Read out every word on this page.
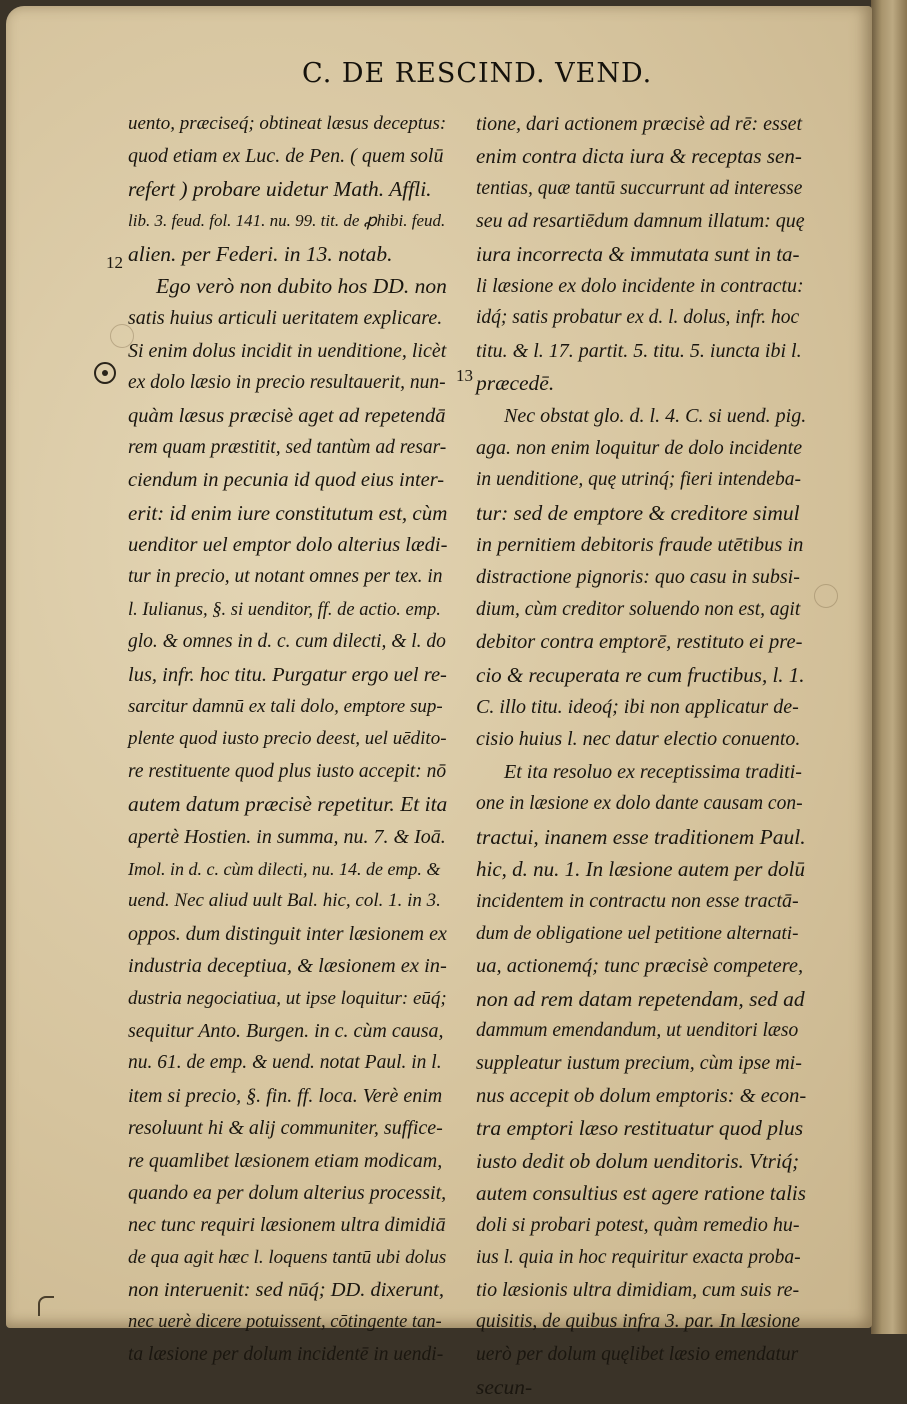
C. DE RESCIND. VEND.
12
13
uento, præciseq́; obtineat læsus deceptus:
quod etiam ex Luc. de Pen. ( quem solū
refert ) probare uidetur Math. Affli.
lib. 3. feud. fol. 141. nu. 99. tit. de ꝓhibi. feud.
alien. per Federi. in 13. notab.
Ego verò non dubito hos DD. non
satis huius articuli ueritatem explicare.
Si enim dolus incidit in uenditione, licèt
ex dolo læsio in precio resultauerit, nun-
quàm læsus præcisè aget ad repetendā
rem quam præstitit, sed tantùm ad resar-
ciendum in pecunia id quod eius inter-
erit: id enim iure constitutum est, cùm
uenditor uel emptor dolo alterius lædi-
tur in precio, ut notant omnes per tex. in
l. Iulianus, §. si uenditor, ff. de actio. emp.
glo. & omnes in d. c. cum dilecti, & l. do
lus, infr. hoc titu. Purgatur ergo uel re-
sarcitur damnū ex tali dolo, emptore sup-
plente quod iusto precio deest, uel uēdito-
re restituente quod plus iusto accepit: nō
autem datum præcisè repetitur. Et ita
apertè Hostien. in summa, nu. 7. & Ioā.
Imol. in d. c. cùm dilecti, nu. 14. de emp. &
uend. Nec aliud uult Bal. hic, col. 1. in 3.
oppos. dum distinguit inter læsionem ex
industria deceptiua, & læsionem ex in-
dustria negociatiua, ut ipse loquitur: eūq́;
sequitur Anto. Burgen. in c. cùm causa,
nu. 61. de emp. & uend. notat Paul. in l.
item si precio, §. fin. ff. loca. Verè enim
resoluunt hi & alij communiter, suffice-
re quamlibet læsionem etiam modicam,
quando ea per dolum alterius processit,
nec tunc requiri læsionem ultra dimidiā
de qua agit hæc l. loquens tantū ubi dolus
non interuenit: sed nūq́; DD. dixerunt,
nec uerè dicere potuissent, cōtingente tan-
ta læsione per dolum incidentē in uendi-
tione, dari actionem præcisè ad rē: esset
enim contra dicta iura & receptas sen-
tentias, quæ tantū succurrunt ad interesse
seu ad resartiēdum damnum illatum: quę
iura incorrecta & immutata sunt in ta-
li læsione ex dolo incidente in contractu:
idq́; satis probatur ex d. l. dolus, infr. hoc
titu. & l. 17. partit. 5. titu. 5. iuncta ibi l.
præcedē.
Nec obstat glo. d. l. 4. C. si uend. pig.
aga. non enim loquitur de dolo incidente
in uenditione, quę utrinq́; fieri intendeba-
tur: sed de emptore & creditore simul
in pernitiem debitoris fraude utētibus in
distractione pignoris: quo casu in subsi-
dium, cùm creditor soluendo non est, agit
debitor contra emptorē, restituto ei pre-
cio & recuperata re cum fructibus, l. 1.
C. illo titu. ideoq́; ibi non applicatur de-
cisio huius l. nec datur electio conuento.
Et ita resoluo ex receptissima traditi-
one in læsione ex dolo dante causam con-
tractui, inanem esse traditionem Paul.
hic, d. nu. 1. In læsione autem per dolū
incidentem in contractu non esse tractā-
dum de obligatione uel petitione alternati-
ua, actionemq́; tunc præcisè competere,
non ad rem datam repetendam, sed ad
dammum emendandum, ut uenditori læso
suppleatur iustum precium, cùm ipse mi-
nus accepit ob dolum emptoris: & econ-
tra emptori læso restituatur quod plus
iusto dedit ob dolum uenditoris. Vtriq́;
autem consultius est agere ratione talis
doli si probari potest, quàm remedio hu-
ius l. quia in hoc requiritur exacta proba-
tio læsionis ultra dimidiam, cum suis re-
quisitis, de quibus infra 3. par. In læsione
uerò per dolum quęlibet læsio emendatur
secun-
